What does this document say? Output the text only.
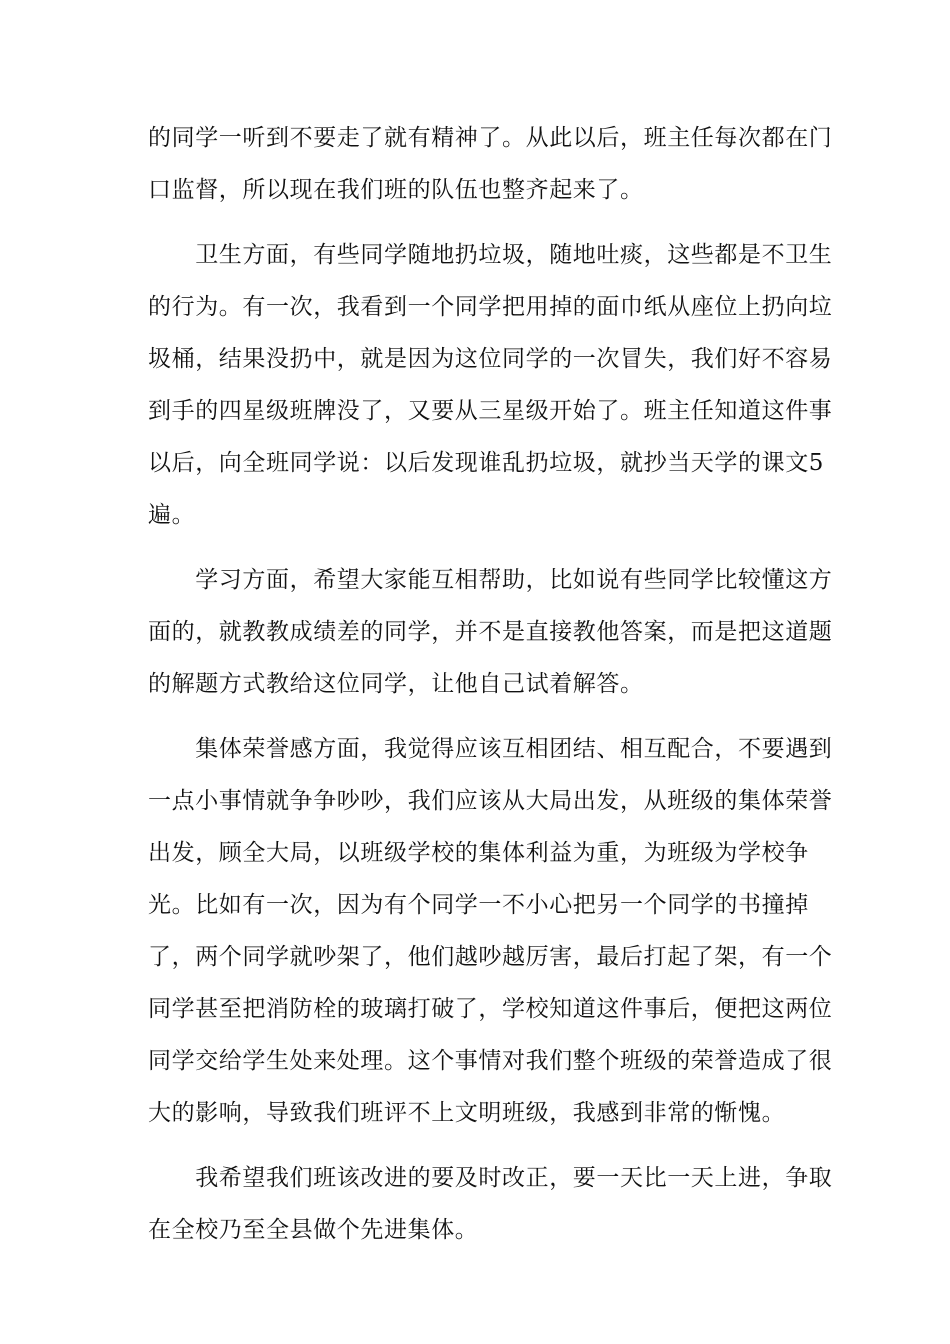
的同学一听到不要走了就有精神了。从此以后，班主任每次都在门
口监督，所以现在我们班的队伍也整齐起来了。
　　卫生方面，有些同学随地扔垃圾，随地吐痰，这些都是不卫生
的行为。有一次，我看到一个同学把用掉的面巾纸从座位上扔向垃
圾桶，结果没扔中，就是因为这位同学的一次冒失，我们好不容易
到手的四星级班牌没了，又要从三星级开始了。班主任知道这件事
以后，向全班同学说：以后发现谁乱扔垃圾，就抄当天学的课文5
遍。
　　学习方面，希望大家能互相帮助，比如说有些同学比较懂这方
面的，就教教成绩差的同学，并不是直接教他答案，而是把这道题
的解题方式教给这位同学，让他自己试着解答。
　　集体荣誉感方面，我觉得应该互相团结、相互配合，不要遇到
一点小事情就争争吵吵，我们应该从大局出发，从班级的集体荣誉
出发，顾全大局，以班级学校的集体利益为重，为班级为学校争
光。比如有一次，因为有个同学一不小心把另一个同学的书撞掉
了，两个同学就吵架了，他们越吵越厉害，最后打起了架，有一个
同学甚至把消防栓的玻璃打破了，学校知道这件事后，便把这两位
同学交给学生处来处理。这个事情对我们整个班级的荣誉造成了很
大的影响，导致我们班评不上文明班级，我感到非常的惭愧。
　　我希望我们班该改进的要及时改正，要一天比一天上进，争取
在全校乃至全县做个先进集体。
